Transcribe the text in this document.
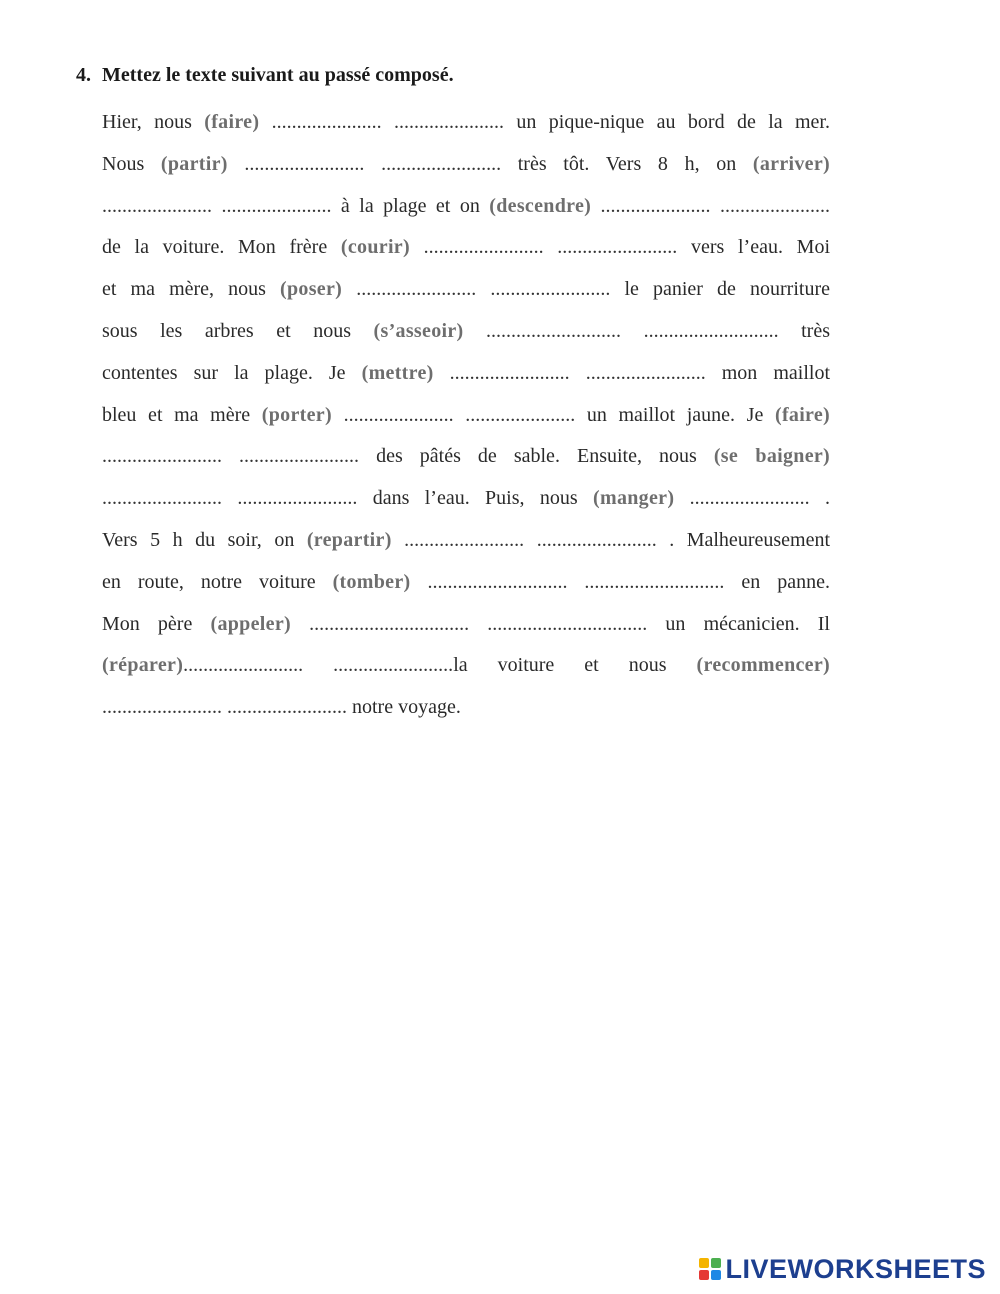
4. Mettez le texte suivant au passé composé.
Hier, nous (faire) ...................... ...................... un pique-nique au bord de la mer.
Nous (partir) ........................ ........................ très tôt. Vers 8 h, on (arriver)
...................... ...................... à la plage et on (descendre) ...................... ......................
de la voiture. Mon frère (courir) ........................ ........................ vers l’eau. Moi
et ma mère, nous (poser) ........................ ........................ le panier de nourriture
sous les arbres et nous (s’asseoir) ........................... ........................... très
contentes sur la plage. Je (mettre) ........................ ........................ mon maillot
bleu et ma mère (porter) ...................... ...................... un maillot jaune. Je (faire)
........................ ........................ des pâtés de sable. Ensuite, nous (se baigner)
........................ ........................ dans l’eau. Puis, nous (manger) ........................ .
Vers 5 h du soir, on (repartir) ........................ ........................ . Malheureusement
en route, notre voiture (tomber) ............................ ............................ en panne.
Mon père (appeler) ................................ ................................ un mécanicien. Il
(réparer)........................ ........................la voiture et nous (recommencer)
........................ ........................ notre voyage.
LIVEWORKSHEETS
